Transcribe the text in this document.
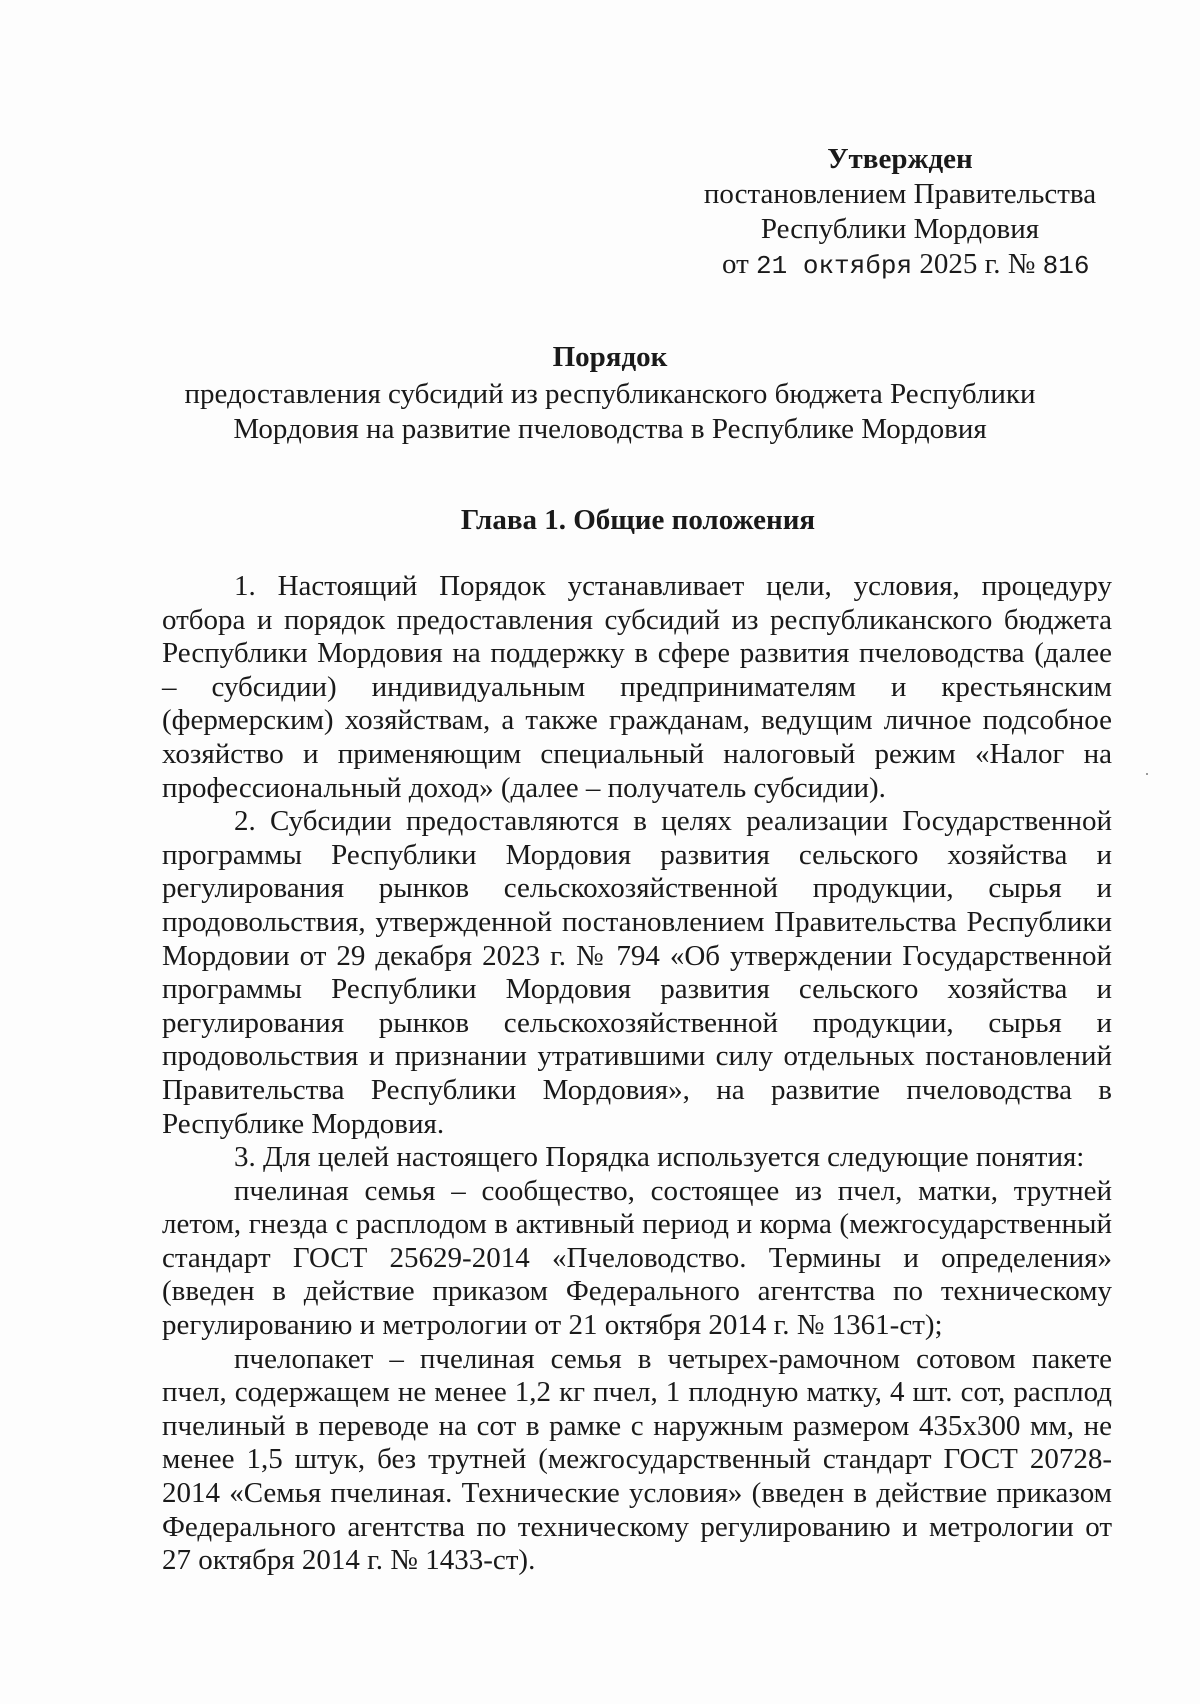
Утвержден
постановлением Правительства
Республики Мордовия
от 21 октября 2025 г. № 816
Порядок
предоставления субсидий из республиканского бюджета Республики
Мордовия на развитие пчеловодства в Республике Мордовия
Глава 1. Общие положения

1. Настоящий Порядок устанавливает цели, условия, процедуру отбора и порядок предоставления субсидий из республиканского бюджета Республики Мордовия на поддержку в сфере развития пчеловодства (далее – субсидии) индивидуальным предпринимателям и крестьянским (фермерским) хозяйствам, а также гражданам, ведущим личное подсобное хозяйство и применяющим специальный налоговый режим «Налог на профессиональный доход» (далее – получатель субсидии).

2. Субсидии предоставляются в целях реализации Государственной программы Республики Мордовия развития сельского хозяйства и регулирования рынков сельскохозяйственной продукции, сырья и продовольствия, утвержденной постановлением Правительства Республики Мордовии от 29 декабря 2023 г. № 794 «Об утверждении Государственной программы Республики Мордовия развития сельского хозяйства и регулирования рынков сельскохозяйственной продукции, сырья и продовольствия и признании утратившими силу отдельных постановлений Правительства Республики Мордовия», на развитие пчеловодства в Республике Мордовия.

3. Для целей настоящего Порядка используется следующие понятия:

пчелиная семья – сообщество, состоящее из пчел, матки, трутней летом, гнезда с расплодом в активный период и корма (межгосударственный стандарт ГОСТ 25629-2014 «Пчеловодство. Термины и определения» (введен в действие приказом Федерального агентства по техническому регулированию и метрологии от 21 октября 2014 г. № 1361-ст);

пчелопакет – пчелиная семья в четырех-рамочном сотовом пакете пчел, содержащем не менее 1,2 кг пчел, 1 плодную матку, 4 шт. сот, расплод пчелиный в переводе на сот в рамке с наружным размером 435х300 мм, не менее 1,5 штук, без трутней (межгосударственный стандарт ГОСТ 20728-2014 «Семья пчелиная. Технические условия» (введен в действие приказом Федерального агентства по техническому регулированию и метрологии от 27 октября 2014 г. № 1433-ст).
